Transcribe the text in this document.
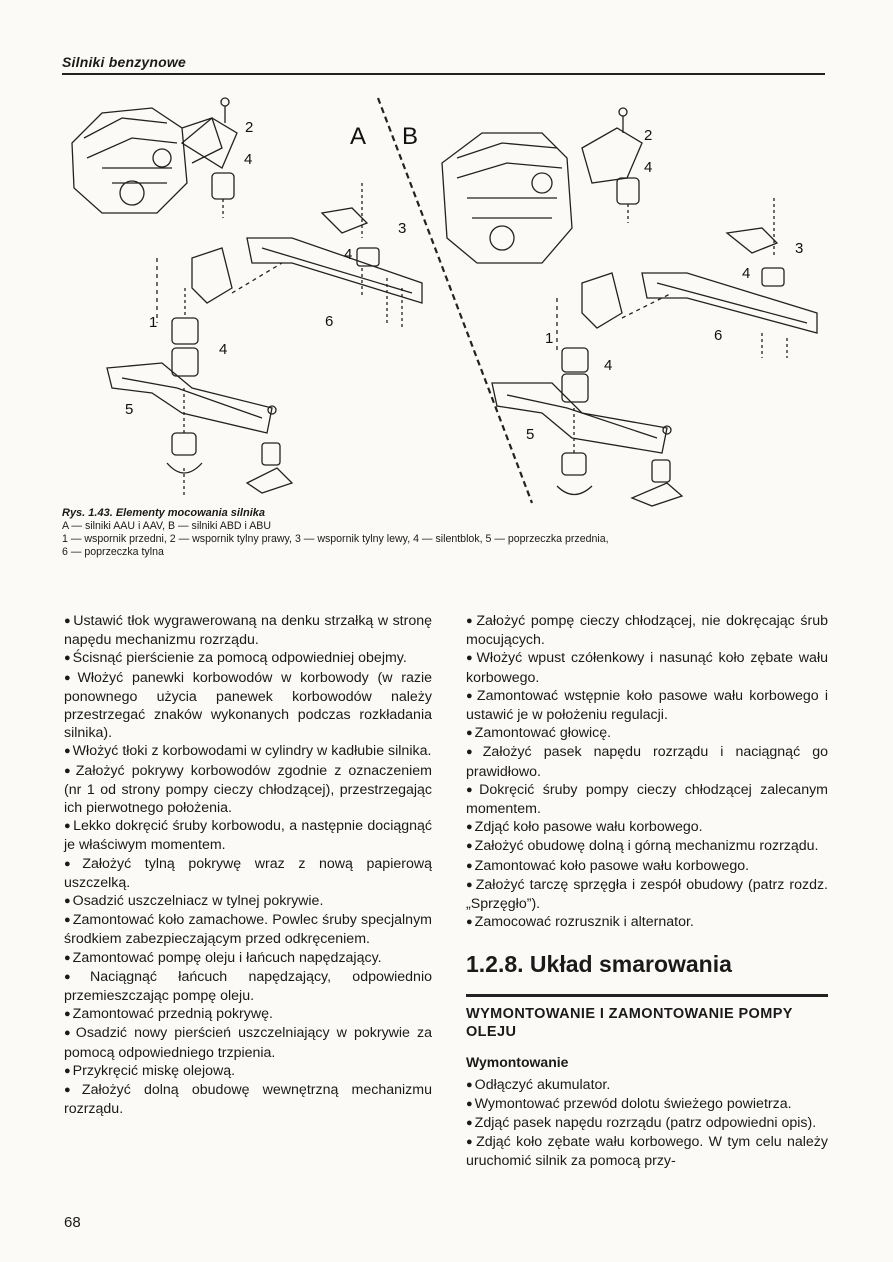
Silniki benzynowe
A B
2
4
3
4
6
1
4
5
2
4
3
4
6
1
4
5
Rys. 1.43. Elementy mocowania silnika
A — silniki AAU i AAV, B — silniki ABD i ABU
1 — wspornik przedni, 2 — wspornik tylny prawy, 3 — wspornik tylny lewy, 4 — silentblok, 5 — poprzeczka przednia,
6 — poprzeczka tylna

● Ustawić tłok wygrawerowaną na denku strzałką w stronę napędu mechanizmu rozrządu.

● Ścisnąć pierścienie za pomocą odpowiedniej obejmy.

● Włożyć panewki korbowodów w korbowody (w razie ponownego użycia panewek korbowodów należy przestrzegać znaków wykonanych podczas rozkładania silnika).

● Włożyć tłoki z korbowodami w cylindry w kadłubie silnika.

● Założyć pokrywy korbowodów zgodnie z oznaczeniem (nr 1 od strony pompy cieczy chłodzącej), przestrzegając ich pierwotnego położenia.

● Lekko dokręcić śruby korbowodu, a następnie dociągnąć je właściwym momentem.

● Założyć tylną pokrywę wraz z nową papierową uszczelką.

● Osadzić uszczelniacz w tylnej pokrywie.

● Zamontować koło zamachowe. Powlec śruby specjalnym środkiem zabezpieczającym przed odkręceniem.

● Zamontować pompę oleju i łańcuch napędzający.

● Naciągnąć łańcuch napędzający, odpowiednio przemieszczając pompę oleju.

● Zamontować przednią pokrywę.

● Osadzić nowy pierścień uszczelniający w pokrywie za pomocą odpowiedniego trzpienia.

● Przykręcić miskę olejową.

● Założyć dolną obudowę wewnętrzną mechanizmu rozrządu.

● Założyć pompę cieczy chłodzącej, nie dokręcając śrub mocujących.

● Włożyć wpust czółenkowy i nasunąć koło zębate wału korbowego.

● Zamontować wstępnie koło pasowe wału korbowego i ustawić je w położeniu regulacji.

● Zamontować głowicę.

● Założyć pasek napędu rozrządu i naciągnąć go prawidłowo.

● Dokręcić śruby pompy cieczy chłodzącej zalecanym momentem.

● Zdjąć koło pasowe wału korbowego.

● Założyć obudowę dolną i górną mechanizmu rozrządu.

● Zamontować koło pasowe wału korbowego.

● Założyć tarczę sprzęgła i zespół obudowy (patrz rozdz. „Sprzęgło”).

● Zamocować rozrusznik i alternator.

1.2.8. Układ smarowania
WYMONTOWANIE I ZAMONTOWANIE POMPY OLEJU
Wymontowanie

● Odłączyć akumulator.

● Wymontować przewód dolotu świeżego powietrza.

● Zdjąć pasek napędu rozrządu (patrz odpowiedni opis).

● Zdjąć koło zębate wału korbowego. W tym celu należy uruchomić silnik za pomocą przy-

68
